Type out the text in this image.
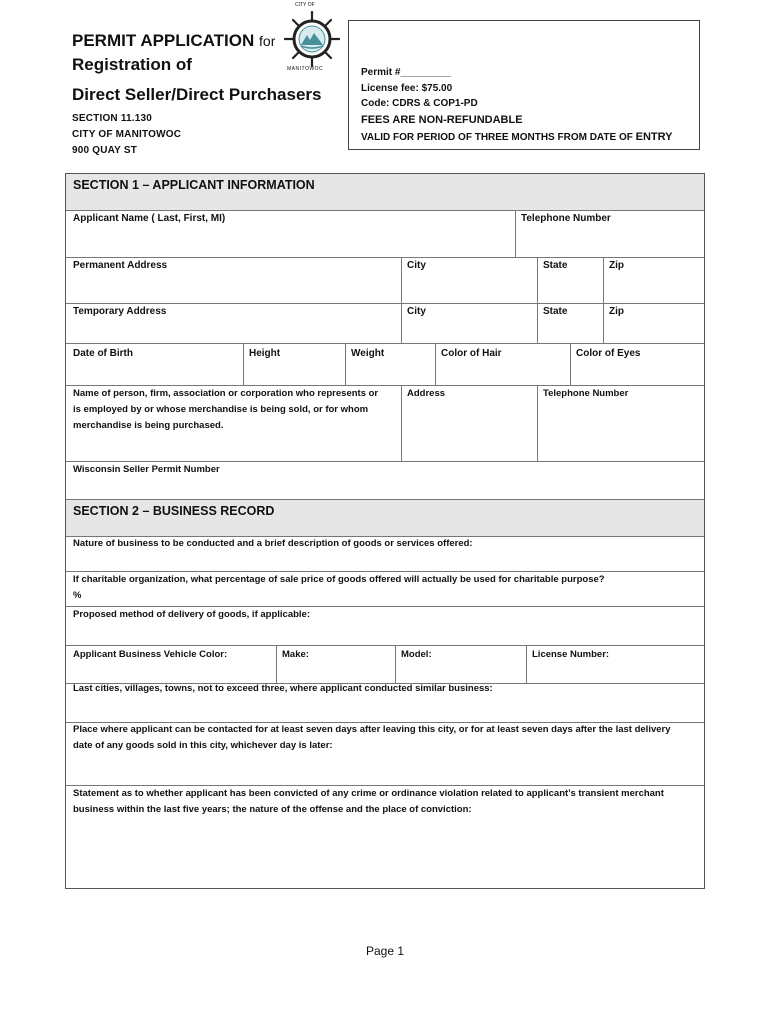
PERMIT APPLICATION for
Registration of
Direct Seller/Direct Purchasers
SECTION 11.130
CITY OF MANITOWOC
900 QUAY ST
CITY OF
MANITOWOC	Permit #_________
License fee: $75.00
Code: CDRS & COP1-PD
FEES ARE NON-REFUNDABLE
VALID FOR PERIOD OF THREE MONTHS FROM DATE OF ENTRY
SECTION 1 – APPLICANT INFORMATION
Applicant Name ( Last, First, MI)	Telephone Number
Permanent Address	City	State	Zip
Temporary Address	City	State	Zip
Date of Birth	Height	Weight	Color of Hair	Color of Eyes
Name of person, firm, association or corporation who represents or
is employed by or whose merchandise is being sold, or for whom
merchandise is being purchased.
Address	Telephone Number
Wisconsin Seller Permit Number
SECTION 2 – BUSINESS RECORD
Nature of business to be conducted and a brief description of goods or services offered:
If charitable organization, what percentage of sale price of goods offered will actually be used for charitable purpose?
%
Proposed method of delivery of goods, if applicable:
Applicant Business Vehicle Color:	Make:	Model:	License Number:
Last cities, villages, towns, not to exceed three, where applicant conducted similar business:
Place where applicant can be contacted for at least seven days after leaving this city, or for at least seven days after the last delivery
date of any goods sold in this city, whichever day is later:
Statement as to whether applicant has been convicted of any crime or ordinance violation related to applicant’s transient merchant
business within the last five years; the nature of the offense and the place of conviction:
Page 1
